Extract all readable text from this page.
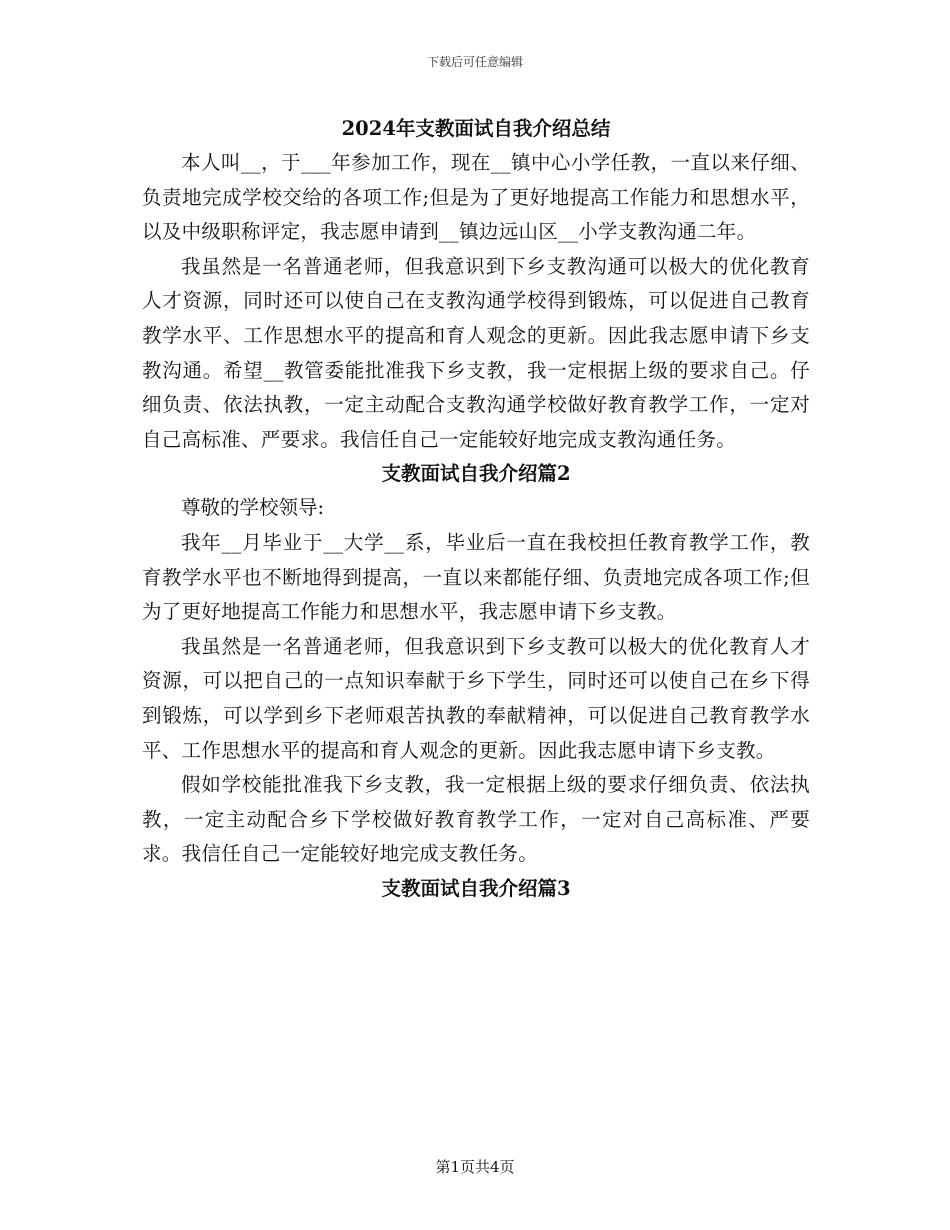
下载后可任意编辑
2024年支教面试自我介绍总结

本人叫__，于___年参加工作，现在__镇中心小学任教，一直以来仔细、负责地完成学校交给的各项工作;但是为了更好地提高工作能力和思想水平，以及中级职称评定，我志愿申请到__镇边远山区__小学支教沟通二年。

我虽然是一名普通老师，但我意识到下乡支教沟通可以极大的优化教育人才资源，同时还可以使自己在支教沟通学校得到锻炼，可以促进自己教育教学水平、工作思想水平的提高和育人观念的更新。因此我志愿申请下乡支教沟通。希望__教管委能批准我下乡支教，我一定根据上级的要求自己。仔细负责、依法执教，一定主动配合支教沟通学校做好教育教学工作，一定对自己高标准、严要求。我信任自己一定能较好地完成支教沟通任务。

支教面试自我介绍篇2

尊敬的学校领导:

我年__月毕业于__大学__系，毕业后一直在我校担任教育教学工作，教育教学水平也不断地得到提高，一直以来都能仔细、负责地完成各项工作;但为了更好地提高工作能力和思想水平，我志愿申请下乡支教。

我虽然是一名普通老师，但我意识到下乡支教可以极大的优化教育人才资源，可以把自己的一点知识奉献于乡下学生，同时还可以使自己在乡下得到锻炼，可以学到乡下老师艰苦执教的奉献精神，可以促进自己教育教学水平、工作思想水平的提高和育人观念的更新。因此我志愿申请下乡支教。

假如学校能批准我下乡支教，我一定根据上级的要求仔细负责、依法执教，一定主动配合乡下学校做好教育教学工作，一定对自己高标准、严要求。我信任自己一定能较好地完成支教任务。

支教面试自我介绍篇3
第1页共4页
